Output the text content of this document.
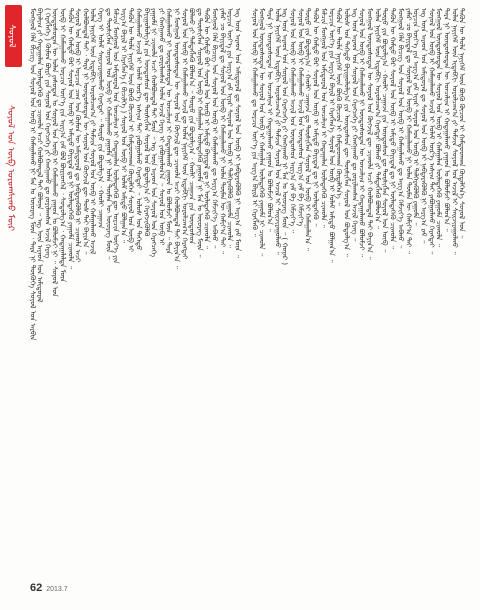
ᠰᠣᠶᠣᠯ
ᠰᠣᠶᠣᠯ ᠤᠨ ᠦᠪ ᠣᠷᠤᠭᠰᠢᠬᠤ ᠮᠥᠷ	ᠮᠣᠩᠭᠣᠯ ᠬᠡᠯᠡ ᠪᠢᠴᠢᠭ ᠤᠨ ᠰᠣᠶᠣᠯ ᠤᠨ ᠦᠪ ᠢ ᠬᠠᠮᠠᠭᠠᠯᠠᠬᠤ ᠨᠢ ᠮᠠᠨ ᠤ ᠦᠦᠷᠡᠭ ᠮᠥᠨ ᠂ ᠲᠡᠷᠡ ᠨᠢ ᠲᠦᠭᠦᠬᠡ ᠰᠣᠶᠣᠯ ᠤᠨ ᠠᠷᠪᠢᠨ ᠪᠠᠶᠠᠯᠢᠭ ᠶᠢ ᠬᠠᠳᠠᠭᠠᠯᠠᠨ ᠦᠯᠡᠳᠡᠭᠡᠬᠦ ᠳᠤ ᠴᠢᠬᠤᠯᠠ ᠠᠴᠢ ᠬᠣᠯᠪᠣᠭᠳᠠᠯ ᠲᠠᠢ ᠪᠣᠯᠤᠨᠠ ᠃ ᠡᠩ ᠦᠨ ᠠᠷᠠᠳ ᠤᠨ ᠠᠮᠢᠳᠤᠷᠠᠯ ( ᠬᠡᠷᠡᠭᠯᠡᠭᠡ ) ᠬᠦᠮᠦᠨ ᠪᠦᠷᠢ ᠶᠢᠨ ᠰᠣᠶᠣᠯ ᠤᠨ ᠬᠡᠷᠡᠭᠴᠡᠭᠡ ᠶᠢ ᠬᠠᠩᠭᠠᠬᠤ ᠳᠤ ᠵᠣᠷᠢᠯᠠᠭᠰᠠᠨ ᠠᠵᠢᠯ ᠬᠡᠷᠡᠭ ᠦᠨᠳᠦᠰᠦᠲᠡᠨ ᠦ ᠣᠯᠠᠨ ᠶᠠᠰᠤᠲᠠᠨ ᠤ ᠰᠣᠶᠣᠯ ᠤᠨ ᠦᠪ ᠢ ᠬᠠᠮᠠᠭᠠᠯᠠᠬᠤ ᠶᠠᠭᠤᠨ ᠤ ᠪᠣᠯᠣᠮᠵᠢ ᠨᠢ ᠃ ᠰᠣᠶᠣᠯ ᠤᠨ ᠦᠪ ᠢ ᠬᠠᠮᠠᠭᠠᠯᠠᠬᠤ ᠣᠷᠴᠢᠨ ᠦᠶ᠎ᠡ ᠶᠢᠨ ᠠᠷᠭ᠎ᠠ ᠵᠠᠮ ᠪᠣᠯ ᠪᠦᠷᠢᠳᠬᠡᠯ ᠂ ᠰᠤᠳᠤᠯᠭ᠎ᠠ ᠂ ᠬᠠᠳᠠᠭᠠᠯᠠᠯᠲᠠ ᠮᠥᠨ ᠲᠡᠭᠦᠨ ᠦ ᠬᠠᠮᠲᠤ ᠪᠠᠷ ᠰᠣᠶᠣᠯ ᠤᠨ ᠦᠪ ᠢ ᠠᠮᠢᠳᠤ ᠪᠠᠶᠢᠳᠠᠯ ᠳᠤ ᠨᠢ ᠦᠯᠡᠳᠡᠭᠡᠬᠦ ᠶᠠᠭᠤᠮᠠ ᠴᠢᠬᠤᠯᠠ ᠃ ᠰᠣᠶᠣᠯ ᠤᠨ ᠦᠪ ᠢ ᠣᠷᠴᠢᠨ ᠴᠠᠭ ᠤᠨ ᠬᠦᠮᠦᠨ ᠦ ᠠᠮᠢᠳᠤᠷᠠᠯ ᠳᠤ ᠨᠡᠪᠲᠡᠷᠡᠭᠦᠯᠬᠦ ᠨᠢ ᠴᠢᠬᠤᠯᠠ ᠠᠴᠢ ᠬᠣᠯᠪᠣᠭᠳᠠᠯ ᠲᠠᠢ ᠂ ᠲᠡᠷᠡ ᠨᠢ ᠦᠨᠳᠦᠰᠦᠲᠡᠨ ᠦ ᠰᠣᠶᠣᠯ ᠤᠨ ᠬᠥᠭᠵᠢᠯ ᠳᠦ ᠲᠤᠰ ᠲᠠᠢ ᠪᠠᠶᠢᠨ᠎ᠠ ᠃ ᠣᠯᠠᠨ ᠨᠡᠶᠢᠭᠡᠮ ᠦᠨ ᠢᠳᠡᠪᠬᠢ ᠣᠷᠤᠯᠴᠠᠭ᠎ᠠ ᠶᠢ ᠳᠡᠮᠵᠢᠨ ᠰᠣᠶᠣᠯ ᠤᠨ ᠦᠪ ᠢ ᠬᠠᠮᠠᠭᠠᠯᠠᠬᠤ ᠠᠵᠢᠯ ᠬᠡᠷᠡᠭ ᠢ ᠤᠯᠠᠮ ᠰᠠᠢᠵᠢᠷᠠᠭᠤᠯᠬᠤ ᠬᠡᠷᠡᠭᠲᠡᠢ ᠃ ᠲᠥᠷᠥ ᠶᠢᠨ ᠪᠣᠳᠣᠯᠭ᠎ᠠ ᠂ ᠬᠠᠤᠯᠢ ᠴᠠᠭᠠᠵᠠ ᠳᠤ ᠲᠦᠰᠢᠭᠯᠡᠨ ᠰᠣᠶᠣᠯ ᠤᠨ ᠦᠪ ᠢ ᠬᠠᠮᠠᠭᠠᠯᠠᠬᠤ ᠶᠠᠭᠤᠮᠠ ᠨᠢ ᠣᠯᠠᠨ ᠲᠦᠮᠡᠨ ᠦ ᠦᠦᠷᠡᠭ ᠮᠥᠨ ᠃ ᠮᠠᠯᠴᠢᠨ ᠮᠣᠩᠭᠣᠯ ᠤᠨ ᠠᠮᠢᠳᠤᠷᠠᠯ ᠤᠨ ᠣᠨᠴᠠᠯᠢᠭ ᠢ ᠬᠠᠳᠠᠭᠠᠯᠠᠨ ᠦᠯᠡᠳᠡᠭᠡᠬᠦ ᠳᠦ ᠣᠷᠴᠢᠨ ᠦᠶ᠎ᠡ ᠶᠢᠨ ᠠᠷᠭ᠎ᠠ ᠪᠠᠷᠢᠯ ᠢ ᠬᠡᠷᠡᠭᠯᠡᠨ᠎ᠡ ( ᠪᠢᠴᠢᠯᠭᠡ ) ᠰᠣᠶᠣᠯ ᠤᠨ ᠦᠪ ᠢ ᠤᠯᠠᠮ ᠠᠮᠢᠳᠤ ᠪᠣᠯᠭᠠᠨ᠎ᠠ ᠃ ᠲᠡᠭᠦᠨ ᠦ ᠲᠤᠯᠠ ᠨᠡᠶᠢᠭᠡᠮ ᠦᠨ ᠪᠦᠬᠦ ᠬᠦᠴᠦᠨ ᠢ ᠬᠠᠮᠲᠤᠳᠬᠠᠨ ᠬᠥᠳᠡᠯᠭᠡᠨ ᠰᠣᠶᠣᠯ ᠤᠨ ᠦᠪ ᠢ ᠬᠠᠮᠠᠭᠠᠯᠠᠬᠤ ᠠᠵᠢᠯ ᠢ ᠤᠯᠠᠮ ᠦᠷ᠎ᠡ ᠠᠰᠢᠭ ᠲᠠᠢ ᠶᠠᠪᠤᠭᠤᠯᠬᠤ ᠬᠡᠷᠡᠭᠲᠡᠢ ᠃ ᠤᠯᠤᠰ ᠤᠨ ᠳᠡᠭᠡᠳᠦ ᠪᠠᠶᠢᠭᠤᠯᠤᠯᠭ᠎ᠠ ᠶᠢᠨ ᠦᠨᠳᠦᠰᠦᠨ ᠳᠦ ᠲᠦᠰᠢᠭᠯᠡᠨ ᠰᠣᠶᠣᠯ ᠤᠨ ᠪᠣᠳᠣᠯᠭ᠎ᠠ ᠶᠢ ᠬᠡᠷᠡᠭᠵᠢᠭᠦᠯᠬᠦ ᠶᠠᠭᠤᠮᠠ ᠨᠢ ᠴᠢᠬᠤᠯᠠ ᠠᠴᠢ ᠬᠣᠯᠪᠣᠭᠳᠠᠯ ᠲᠠᠢ ᠮᠥᠨ ᠃ ᠡᠩ ᠦᠨ ᠠᠷᠠᠳ ᠤᠨ ᠰᠣᠶᠣᠯ ᠤᠨ ᠬᠡᠷᠡᠭᠴᠡᠭᠡ ᠶᠢ ᠬᠠᠩᠭᠠᠬᠤ ᠳᠤ ᠵᠣᠷᠢᠯᠠᠭᠰᠠᠨ ᠣᠯᠠᠨ ᠠᠵᠢᠯ ᠬᠡᠷᠡᠭ ᠢ ᠶᠠᠪᠤᠭᠤᠯᠤᠨ᠎ᠠ ᠃ ᠰᠣᠶᠣᠯ ᠤᠨ ᠦᠪ ᠢ ᠬᠠᠮᠠᠭᠠᠯᠠᠬᠤ ᠨᠢ ᠦᠨᠳᠦᠰᠦᠲᠡᠨ ᠦ ᠣᠨᠴᠠᠯᠢᠭ ᠢ ᠬᠠᠳᠠᠭᠠᠯᠠᠬᠤ ᠶᠠᠭᠤᠨ ᠤ ᠪᠣᠯᠣᠮᠵᠢ ᠮᠥᠨ ᠃ ᠲᠡᠷᠡ ᠨᠢ ᠮᠣᠩᠭᠣᠯ ᠦᠨᠳᠦᠰᠦᠲᠡᠨ ᠦ ᠰᠣᠶᠣᠯ ᠤᠨ ᠬᠥᠭᠵᠢᠯ ᠳᠦ ᠴᠢᠬᠤᠯᠠ ᠠᠴᠢ ᠬᠣᠯᠪᠣᠭᠳᠠᠯ ᠲᠠᠢ ᠪᠠᠶᠢᠨ᠎ᠠ ᠃ ᠰᠣᠶᠣᠯ ᠤᠨ ᠦᠪ ᠢ ᠬᠠᠮᠠᠭᠠᠯᠠᠬᠤ ᠠᠵᠢᠯ ᠳᠤ ᠣᠯᠠᠨ ᠨᠡᠶᠢᠭᠡᠮ ᠦᠨ ᠢᠳᠡᠪᠬᠢ ᠣᠷᠤᠯᠴᠠᠭ᠎ᠠ ᠬᠡᠷᠡᠭᠲᠡᠢ ᠪᠣᠯᠬᠤ ᠶᠢ ᠲᠡᠮᠳᠡᠭᠯᠡᠬᠦ ᠪᠣᠯᠤᠨ᠎ᠠ ᠃ ᠲᠥᠷᠥ ᠶᠢᠨ ᠪᠣᠳᠣᠯᠭ᠎ᠠ ᠂ ᠬᠠᠤᠯᠢ ᠴᠠᠭᠠᠵᠠ ᠶᠢᠨ ᠦᠨᠳᠦᠰᠦᠨ ᠳᠤ ᠲᠦᠰᠢᠭᠯᠡᠨ ᠰᠣᠶᠣᠯ ᠤᠨ ᠦᠪ ᠢ ᠬᠠᠮᠠᠭᠠᠯᠠᠨ ᠦᠯᠡᠳᠡᠭᠡᠬᠦ ᠶᠠᠭᠤᠮᠠ ᠨᠢ ᠮᠠᠨ ᠤ ᠦᠦᠷᠡᠭ ᠮᠥᠨ ᠃ ᠲᠡᠭᠦᠨ ᠦ ᠬᠠᠮᠲᠤ ᠪᠠᠷ ᠰᠣᠶᠣᠯ ᠤᠨ ᠦᠪ ᠢ ᠠᠮᠢᠳᠤ ᠪᠠᠶᠢᠳᠠᠯ ᠳᠤ ᠨᠢ ᠦᠯᠡᠳᠡᠭᠡᠬᠦ ᠴᠢᠬᠤᠯᠠ ᠃ ᠮᠣᠩᠭᠣᠯ ᠬᠡᠯᠡ ᠪᠢᠴᠢᠭ ᠤᠨ ᠰᠣᠶᠣᠯ ᠤᠨ ᠦᠪ ᠢ ᠬᠠᠮᠠᠭᠠᠯᠠᠬᠤ ᠳᠤ ᠠᠷᠭ᠎ᠠ ᠬᠡᠮᠵᠢᠶ᠎ᠡ ᠠᠪᠬᠤ ᠃ ᠶᠠᠮᠠᠷ ᠴᠤ ᠪᠠᠶᠢᠳᠠᠯ ᠳᠤ ᠰᠣᠶᠣᠯ ᠤᠨ ᠦᠪ ᠢ ᠬᠠᠮᠠᠭᠠᠯᠠᠬᠤ ᠨᠢ ᠣᠯᠠᠨ ᠲᠦᠮᠡᠨ ᠦ ᠬᠠᠮᠢᠶ᠎ᠠ ᠲᠠᠢ ᠃ ᠣᠷᠴᠢᠨ ᠦᠶ᠎ᠡ ᠶᠢᠨ ᠠᠷᠭ᠎ᠠ ᠵᠠᠮ ᠢᠶᠠᠷ ᠰᠣᠶᠣᠯ ᠤᠨ ᠦᠪ ᠢ ᠳᠡᠯᠭᠡᠷᠡᠭᠦᠯᠬᠦ ᠶᠠᠭᠤᠮᠠ ᠴᠢᠬᠤᠯᠠ ᠃ ᠡᠩ ᠦᠨ ᠠᠷᠠᠳ ᠤᠨ ᠠᠮᠢᠳᠤᠷᠠᠯ ᠳᠤ ᠰᠣᠶᠣᠯ ᠤᠨ ᠦᠪ ᠢ ᠨᠡᠪᠲᠡᠷᠡᠭᠦᠯᠬᠦ ᠨᠢ ᠠᠷᠭ᠎ᠠ ᠵᠠᠮ ᠮᠥᠨ ᠃ ᠰᠣᠶᠣᠯ ᠤᠨ ᠦᠪ ᠢ ᠬᠠᠮᠠᠭᠠᠯᠠᠬᠤ ᠳᠤ ᠣᠷᠴᠢᠨ ᠦᠶ᠎ᠡ ᠶᠢᠨ ᠠᠷᠭ᠎ᠠ ᠪᠠᠷᠢᠯ ᠢ ᠬᠡᠷᠡᠭᠯᠡᠬᠦ ᠃ ᠮᠣᠩᠭᠣᠯ ᠦᠨᠳᠦᠰᠦᠲᠡᠨ ᠦ ᠰᠣᠶᠣᠯ ᠤᠨ ᠦᠪ ᠢ ᠬᠠᠮᠠᠭᠠᠯᠠᠨ ᠦᠯᠡᠳᠡᠭᠡᠬᠦ ᠶᠠᠭᠤᠮᠠ ᠨᠢ ᠴᠢᠬᠤᠯᠠ ᠃ ᠲᠡᠷᠡ ᠨᠢ ᠦᠨᠳᠦᠰᠦᠲᠡᠨ ᠦ ᠣᠨᠴᠠᠯᠢᠭ ᠢ ᠬᠠᠳᠠᠭᠠᠯᠠᠬᠤ ᠶᠠᠭᠤᠨ ᠤ ᠪᠣᠯᠣᠮᠵᠢ ᠪᠣᠯᠤᠨ᠎ᠠ ᠃ ᠣᠯᠠᠨ ᠨᠡᠶᠢᠭᠡᠮ ᠦᠨ ᠢᠳᠡᠪᠬᠢ ᠣᠷᠤᠯᠴᠠᠭ᠎ᠠ ᠶᠢ ᠳᠡᠮᠵᠢᠨ ᠰᠣᠶᠣᠯ ᠤᠨ ᠠᠵᠢᠯ ᠢ ᠰᠠᠢᠵᠢᠷᠠᠭᠤᠯᠬᠤ ᠃ ᠡᠩ ᠦᠨ ᠠᠷᠠᠳ ᠤᠨ ᠰᠣᠶᠣᠯ ᠤᠨ ᠬᠡᠷᠡᠭᠴᠡᠭᠡ ᠶᠢ ᠬᠠᠩᠭᠠᠬᠤ ᠨᠢ ᠮᠠᠨ ᠤ ᠦᠦᠷᠡᠭ ᠮᠥᠨ ᠃ ( ᠬᠣᠶᠠᠷ ) ᠰᠣᠶᠣᠯ ᠤᠨ ᠦᠪ ᠢ ᠬᠠᠮᠠᠭᠠᠯᠠᠬᠤ ᠠᠵᠢᠯ ᠤᠨ ᠦᠨᠳᠦᠰᠦᠨ ᠠᠷᠭ᠎ᠠ ᠵᠠᠮ ᠪᠠ ᠬᠡᠮᠵᠢᠶ᠎ᠡ ᠃ ᠰᠣᠶᠣᠯ ᠤᠨ ᠦᠪ ᠢ ᠬᠠᠮᠠᠭᠠᠯᠠᠬᠤ ᠠᠵᠢᠯ ᠤᠨ ᠦᠨᠳᠦᠰᠦᠨ ᠠᠷᠭ᠎ᠠ ᠵᠠᠮ ᠪᠠ ᠬᠡᠮᠵᠢᠶ᠎ᠡ ᠲᠥᠷᠥ ᠶᠢᠨ ᠪᠣᠳᠣᠯᠭ᠎ᠠ ᠂ ᠬᠠᠤᠯᠢ ᠴᠠᠭᠠᠵᠠ ᠳᠤ ᠲᠦᠰᠢᠭᠯᠡᠨ ᠰᠣᠶᠣᠯ ᠤᠨ ᠦᠪ ᠢ ᠬᠠᠮᠠᠭᠠᠯᠠᠨ᠎ᠠ ᠃ ᠲᠡᠭᠦᠨ ᠦ ᠬᠠᠮᠲᠤ ᠪᠠᠷ ᠰᠣᠶᠣᠯ ᠤᠨ ᠦᠪ ᠢ ᠠᠮᠢᠳᠤ ᠪᠠᠶᠢᠳᠠᠯ ᠳᠤ ᠨᠢ ᠦᠯᠡᠳᠡᠭᠡᠬᠦ ᠃ ᠮᠠᠯᠴᠢᠨ ᠮᠣᠩᠭᠣᠯ ᠤᠨ ᠠᠮᠢᠳᠤᠷᠠᠯ ᠤᠨ ᠣᠨᠴᠠᠯᠢᠭ ᠢ ᠬᠠᠳᠠᠭᠠᠯᠠᠨ ᠦᠯᠡᠳᠡᠭᠡᠬᠦ ᠴᠢᠬᠤᠯᠠ ᠃ ᠣᠷᠴᠢᠨ ᠦᠶ᠎ᠡ ᠶᠢᠨ ᠠᠷᠭ᠎ᠠ ᠪᠠᠷᠢᠯ ᠢ ᠬᠡᠷᠡᠭᠯᠡᠨ᠎ᠡ ᠰᠣᠶᠣᠯ ᠤᠨ ᠦᠪ ᠢ ᠤᠯᠠᠮ ᠠᠮᠢᠳᠤ ᠪᠣᠯᠭᠠᠨ᠎ᠠ ᠃ ᠲᠡᠭᠦᠨ ᠦ ᠲᠤᠯᠠ ᠨᠡᠶᠢᠭᠡᠮ ᠦᠨ ᠪᠦᠬᠦ ᠬᠦᠴᠦᠨ ᠢ ᠬᠠᠮᠲᠤᠳᠬᠠᠨ ᠬᠥᠳᠡᠯᠭᠡᠨ᠎ᠡ ᠃ ᠤᠯᠤᠰ ᠤᠨ ᠳᠡᠭᠡᠳᠦ ᠪᠠᠶᠢᠭᠤᠯᠤᠯᠭ᠎ᠠ ᠶᠢᠨ ᠦᠨᠳᠦᠰᠦᠨ ᠳᠦ ᠲᠦᠰᠢᠭᠯᠡᠨ ᠰᠣᠶᠣᠯ ᠤᠨ ᠪᠣᠳᠣᠯᠭ᠎ᠠ ᠃ ᠡᠩ ᠦᠨ ᠠᠷᠠᠳ ᠤᠨ ᠰᠣᠶᠣᠯ ᠤᠨ ᠬᠡᠷᠡᠭᠴᠡᠭᠡ ᠶᠢ ᠬᠠᠩᠭᠠᠬᠤ ᠳᠤ ᠵᠣᠷᠢᠯᠠᠭᠰᠠᠨ ᠠᠵᠢᠯ ᠬᠡᠷᠡᠭ ᠃ ᠰᠣᠶᠣᠯ ᠤᠨ ᠦᠪ ᠢ ᠬᠠᠮᠠᠭᠠᠯᠠᠬᠤ ᠨᠢ ᠦᠨᠳᠦᠰᠦᠲᠡᠨ ᠦ ᠣᠨᠴᠠᠯᠢᠭ ᠢ ᠬᠠᠳᠠᠭᠠᠯᠠᠬᠤ ᠪᠣᠯᠣᠮᠵᠢ ᠃ ᠮᠣᠩᠭᠣᠯ ᠦᠨᠳᠦᠰᠦᠲᠡᠨ ᠦ ᠰᠣᠶᠣᠯ ᠤᠨ ᠬᠥᠭᠵᠢᠯ ᠳᠦ ᠴᠢᠬᠤᠯᠠ ᠠᠴᠢ ᠬᠣᠯᠪᠣᠭᠳᠠᠯ ᠲᠠᠢ ᠪᠠᠶᠢᠨ᠎ᠠ ᠃ ᠣᠯᠠᠨ ᠨᠡᠶᠢᠭᠡᠮ ᠦᠨ ᠢᠳᠡᠪᠬᠢ ᠣᠷᠤᠯᠴᠠᠭ᠎ᠠ ᠬᠡᠷᠡᠭᠲᠡᠢ ᠪᠣᠯᠬᠤ ᠶᠢ ᠲᠡᠮᠳᠡᠭᠯᠡᠬᠦ ᠪᠣᠯᠤᠨ᠎ᠠ ᠃ ᠲᠥᠷᠥ ᠶᠢᠨ ᠪᠣᠳᠣᠯᠭ᠎ᠠ ᠂ ᠬᠠᠤᠯᠢ ᠴᠠᠭᠠᠵᠠ ᠶᠢᠨ ᠦᠨᠳᠦᠰᠦᠨ ᠳᠤ ᠲᠦᠰᠢᠭᠯᠡᠨ ᠰᠣᠶᠣᠯ ᠤᠨ ᠦᠪ ᠃ ᠲᠡᠭᠦᠨ ᠦ ᠬᠠᠮᠲᠤ ᠪᠠᠷ ᠰᠣᠶᠣᠯ ᠤᠨ ᠦᠪ ᠢ ᠠᠮᠢᠳᠤ ᠪᠠᠶᠢᠳᠠᠯ ᠳᠤ ᠨᠢ ᠦᠯᠡᠳᠡᠭᠡᠬᠦ ᠴᠢᠬᠤᠯᠠ ᠃ ᠮᠣᠩᠭᠣᠯ ᠬᠡᠯᠡ ᠪᠢᠴᠢᠭ ᠤᠨ ᠰᠣᠶᠣᠯ ᠤᠨ ᠦᠪ ᠢ ᠬᠠᠮᠠᠭᠠᠯᠠᠬᠤ ᠳᠤ ᠠᠷᠭ᠎ᠠ ᠬᠡᠮᠵᠢᠶ᠎ᠡ ᠠᠪᠬᠤ ᠃ ᠶᠠᠮᠠᠷ ᠴᠤ ᠪᠠᠶᠢᠳᠠᠯ ᠳᠤ ᠰᠣᠶᠣᠯ ᠤᠨ ᠦᠪ ᠢ ᠬᠠᠮᠠᠭᠠᠯᠠᠬᠤ ᠨᠢ ᠣᠯᠠᠨ ᠲᠦᠮᠡᠨ ᠦ ᠬᠠᠮᠢᠶ᠎ᠠ ᠲᠠᠢ ᠃ ᠣᠷᠴᠢᠨ ᠦᠶ᠎ᠡ ᠶᠢᠨ ᠠᠷᠭ᠎ᠠ ᠵᠠᠮ ᠢᠶᠠᠷ ᠰᠣᠶᠣᠯ ᠤᠨ ᠦᠪ ᠢ ᠳᠡᠯᠭᠡᠷᠡᠭᠦᠯᠬᠦ ᠶᠠᠭᠤᠮᠠ ᠃ ᠡᠩ ᠦᠨ ᠠᠷᠠᠳ ᠤᠨ ᠠᠮᠢᠳᠤᠷᠠᠯ ᠳᠤ ᠰᠣᠶᠣᠯ ᠤᠨ ᠦᠪ ᠢ ᠨᠡᠪᠲᠡᠷᠡᠭᠦᠯᠬᠦ ᠨᠢ ᠠᠷᠭ᠎ᠠ ᠵᠠᠮ ᠃ ᠰᠣᠶᠣᠯ ᠤᠨ ᠦᠪ ᠢ ᠬᠠᠮᠠᠭᠠᠯᠠᠬᠤ ᠠᠵᠢᠯ ᠢ ᠤᠯᠠᠮ ᠦᠷ᠎ᠡ ᠠᠰᠢᠭ ᠲᠠᠢ ᠶᠠᠪᠤᠭᠤᠯᠬᠤ ᠬᠡᠷᠡᠭᠲᠡᠢ ᠃ ᠮᠣᠩᠭᠣᠯ ᠦᠨᠳᠦᠰᠦᠲᠡᠨ ᠦ ᠰᠣᠶᠣᠯ ᠤᠨ ᠦᠪ ᠢ ᠬᠠᠮᠠᠭᠠᠯᠠᠨ ᠦᠯᠡᠳᠡᠭᠡᠬᠦ ᠶᠠᠭᠤᠮᠠ ᠴᠢᠬᠤᠯᠠ ᠃ ᠲᠡᠷᠡ ᠨᠢ ᠦᠨᠳᠦᠰᠦᠲᠡᠨ ᠦ ᠣᠨᠴᠠᠯᠢᠭ ᠢ ᠬᠠᠳᠠᠭᠠᠯᠠᠬᠤ ᠶᠠᠭᠤᠨ ᠤ ᠪᠣᠯᠣᠮᠵᠢ ᠪᠣᠯᠤᠨ᠎ᠠ ᠃ ᠣᠯᠠᠨ ᠨᠡᠶᠢᠭᠡᠮ ᠦᠨ ᠢᠳᠡᠪᠬᠢ ᠣᠷᠤᠯᠴᠠᠭ᠎ᠠ ᠶᠢ ᠳᠡᠮᠵᠢᠨ ᠰᠣᠶᠣᠯ ᠤᠨ ᠠᠵᠢᠯ ᠢ ᠰᠠᠢᠵᠢᠷᠠᠭᠤᠯᠬᠤ ᠃ ᠲᠡᠭᠦᠨ ᠦ ᠲᠤᠯᠠ ᠨᠡᠶᠢᠭᠡᠮ ᠦᠨ ᠪᠦᠬᠦ ᠬᠦᠴᠦᠨ ᠢ ᠬᠠᠮᠲᠤᠳᠬᠠᠨ ᠬᠥᠳᠡᠯᠭᠡᠨ᠎ᠡ ᠰᠣᠶᠣᠯ ᠤᠨ ᠃
62 2013.7
